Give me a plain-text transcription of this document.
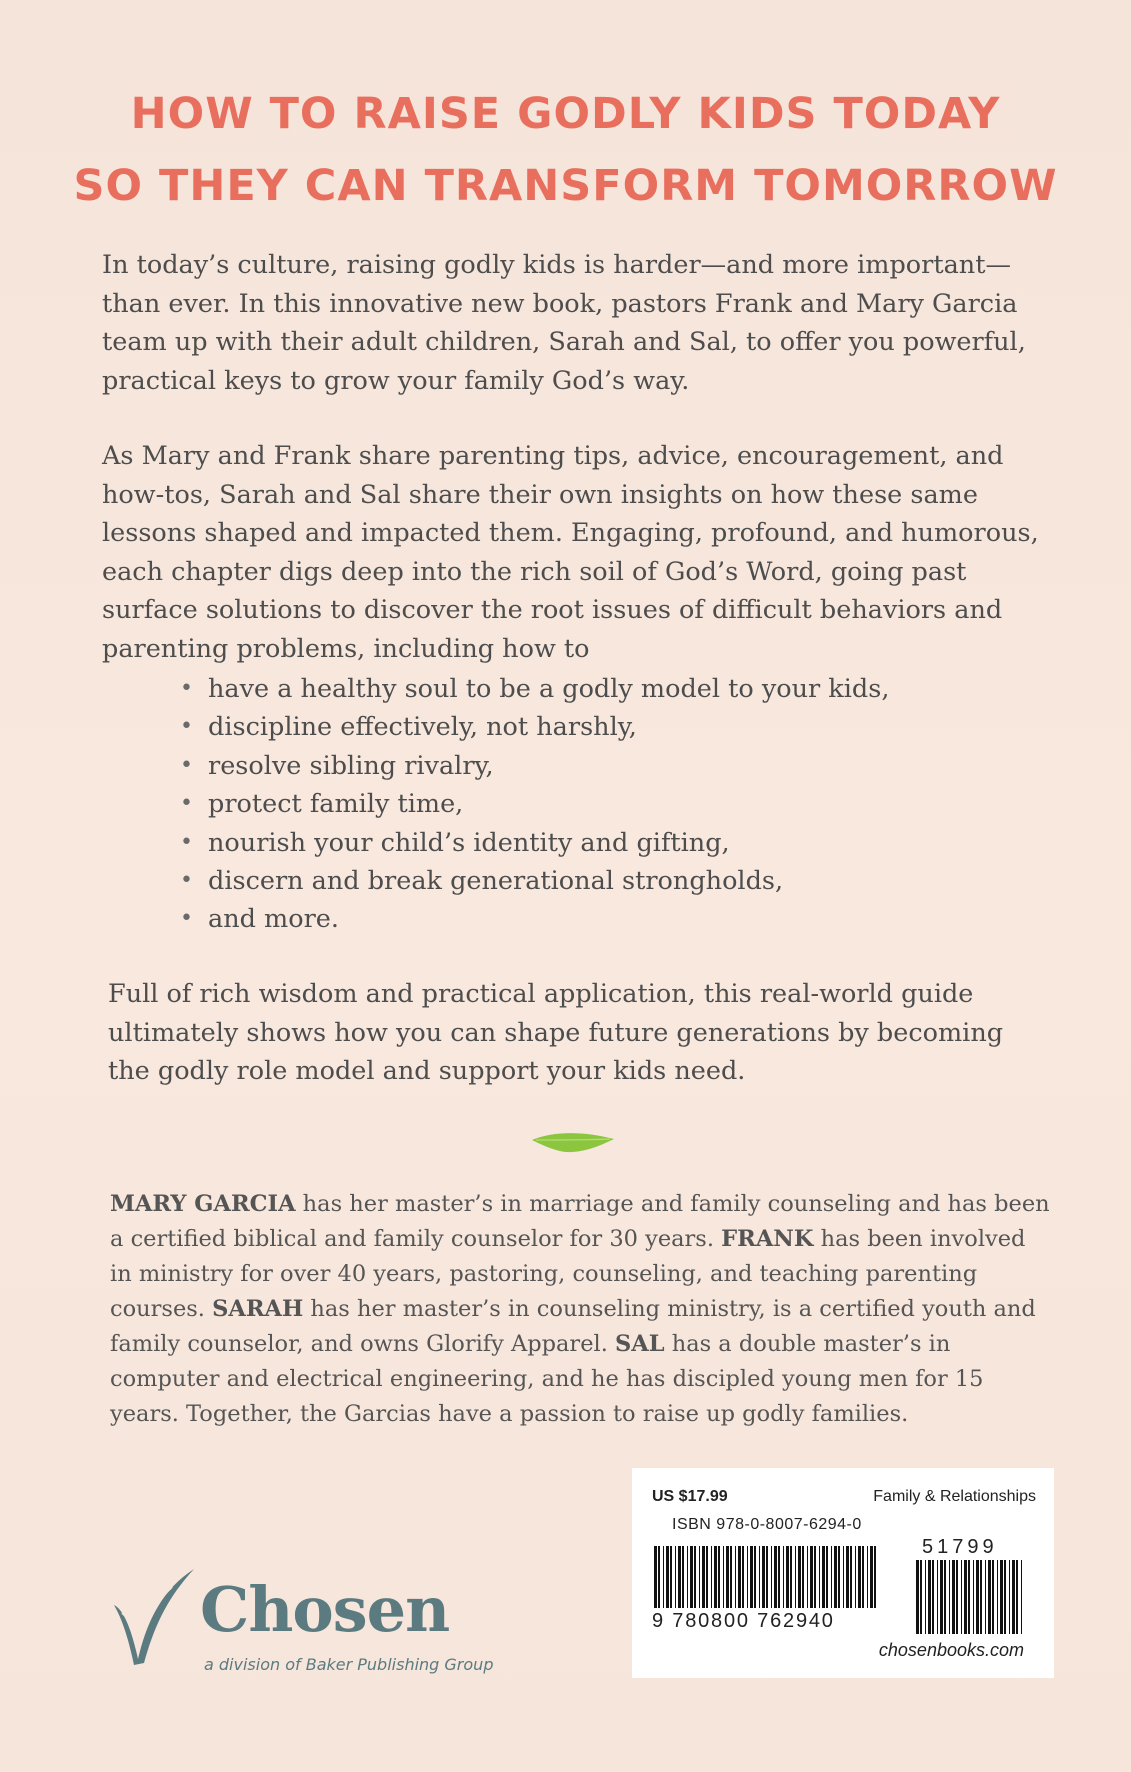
HOW TO RAISE GODLY KIDS TODAY
SO THEY CAN TRANSFORM TOMORROW
In today’s culture, raising godly kids is harder—and more important—than ever. In this innovative new book, pastors Frank and Mary Garcia team up with their adult children, Sarah and Sal, to offer you powerful, practical keys to grow your family God’s way.
As Mary and Frank share parenting tips, advice, encouragement, and how-tos, Sarah and Sal share their own insights on how these same lessons shaped and impacted them. Engaging, profound, and humorous, each chapter digs deep into the rich soil of God’s Word, going past surface solutions to discover the root issues of difficult behaviors and parenting problems, including how to
• have a healthy soul to be a godly model to your kids,
• discipline effectively, not harshly,
• resolve sibling rivalry,
• protect family time,
• nourish your child’s identity and gifting,
• discern and break generational strongholds,
• and more.
Full of rich wisdom and practical application, this real-world guide ultimately shows how you can shape future generations by becoming the godly role model and support your kids need.
MARY GARCIA has her master’s in marriage and family counseling and has been a certified biblical and family counselor for 30 years. FRANK has been involved in ministry for over 40 years, pastoring, counseling, and teaching parenting courses. SARAH has her master’s in counseling ministry, is a certified youth and family counselor, and owns Glorify Apparel. SAL has a double master’s in computer and electrical engineering, and he has discipled young men for 15 years. Together, the Garcias have a passion to raise up godly families.
Chosen
a division of Baker Publishing Group
US $17.99	Family & Relationships
ISBN 978-0-8007-6294-0
51799
9 780800 762940
chosenbooks.com
